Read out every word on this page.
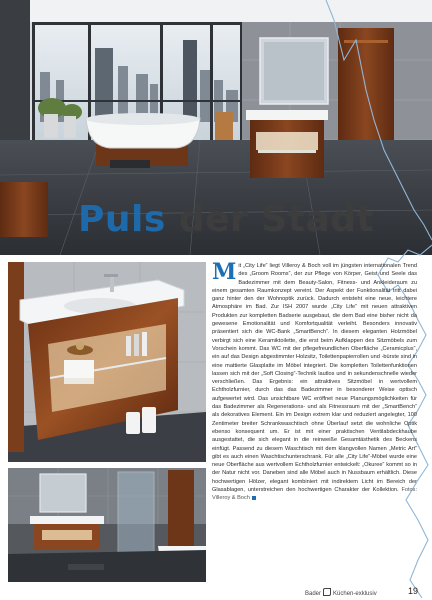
Puls der Stadt

Mit „City Life“ liegt Villeroy & Boch voll im jüngsten internationalen Trend des „Groom Rooms“, der zur Pflege von Körper, Geist und Seele das Badezimmer mit dem Beauty-Salon, Fitness- und Ankleideraum zu einem gesamten Raumkonzept vereint. Der Aspekt der Funktionalität tritt dabei ganz hinter den der Wohnoptik zurück. Dadurch entsteht eine neue, leichtere Atmosphäre im Bad. Zur ISH 2007 wurde „City Life“ mit neuen attraktiven Produkten zur kompletten Badserie ausgebaut, die dem Bad eine bisher nicht da gewesene Emotionalität und Komfortqualität verleiht. Besonders innovativ präsentiert sich die WC-Bank „SmartBench“. In diesem eleganten Holzmöbel verbirgt sich eine Keramiktoilette, die erst beim Aufklappen des Sitzmöbels zum Vorschein kommt. Das WC mit der pflegefreundlichen Oberfläche „Ceramicplus“, ein auf das Design abgestimmter Holzsitz, Toilettenpapierrollen und -bürste sind in eine mattierte Glasplatte im Möbel integriert. Die kompletten Toilettenfunktionen lassen sich mit der „Soft Closing“-Technik lautlos und in sekundenschnelle wieder verschließen. Das Ergebnis: ein attraktives Sitzmöbel in wertvollem Echtholzfurnier, durch das das Badezimmer in besonderer Weise optisch aufgewertet wird. Das unsichtbare WC eröffnet neue Planungsmöglichkeiten für das Badezimmer als Regenerations- und als Fitnessraum mit der „SmartBench“ als dekoratives Element. Ein im Design extrem klar und reduziert angelegter, 100 Zentimeter breiter Schrankwaschtisch ohne Überlauf setzt die wohnliche Optik ebenso konsequent um. Er ist mit einer praktischen Ventilabdeckhaube ausgestattet, die sich elegant in die reinweiße Gesamtästhetik des Beckens einfügt. Passend zu diesem Waschtisch mit dem klangvollen Namen „Metric Art“ gibt es auch einen Waschtischunterschrank. Für alle „City Life“-Möbel wurde eine neue Oberfläche aus wertvollem Echtholzfurnier entwickelt: „Okuree“ kommt so in der Natur nicht vor. Daneben sind alle Möbel auch in Nussbaum erhältlich. Diese hochwertigen Hölzer, elegant kombiniert mit indirektem Licht im Bereich der Glasablagen, unterstreichen den hochwertigen Charakter der Kollektion. Fotos: Villeroy & Boch

Bader Küchen-exklusiv	19
